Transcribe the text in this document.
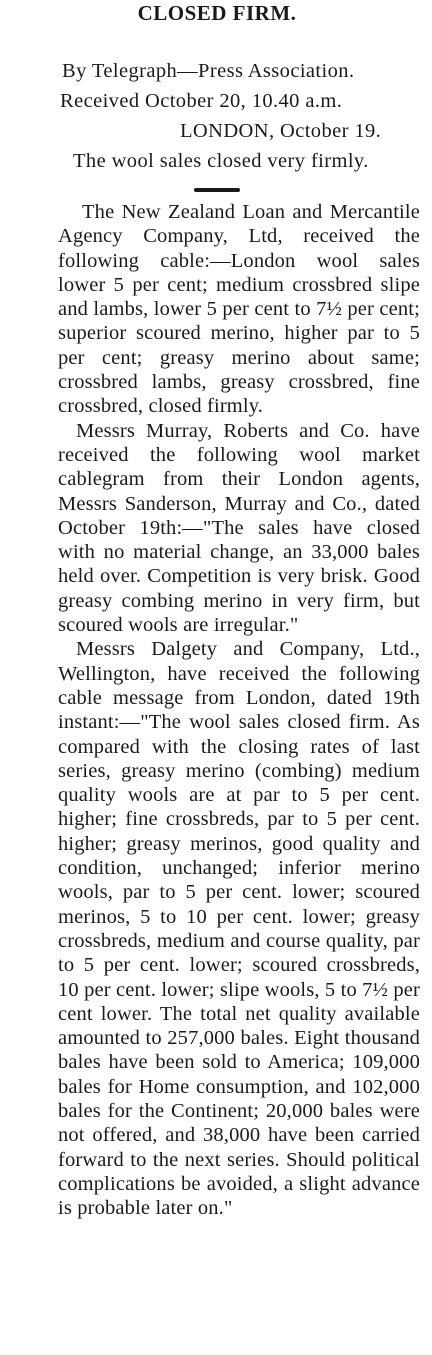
CLOSED FIRM.
By Telegraph—Press Association.
Received October 20, 10.40 a.m.
LONDON, October 19.
The wool sales closed very firmly.

The New Zealand Loan and Mercantile Agency Company, Ltd, received the following cable:—London wool sales lower 5 per cent; medium crossbred slipe and lambs, lower 5 per cent to 7½ per cent; superior scoured merino, higher par to 5 per cent; greasy merino about same; crossbred lambs, greasy crossbred, fine crossbred, closed firmly.

Messrs Murray, Roberts and Co. have received the following wool market cablegram from their London agents, Messrs Sanderson, Murray and Co., dated October 19th:—"The sales have closed with no material change, an 33,000 bales held over. Competition is very brisk. Good greasy combing merino in very firm, but scoured wools are irregular."

Messrs Dalgety and Company, Ltd., Wellington, have received the following cable message from London, dated 19th instant:—"The wool sales closed firm. As compared with the closing rates of last series, greasy merino (combing) medium quality wools are at par to 5 per cent. higher; fine crossbreds, par to 5 per cent. higher; greasy merinos, good quality and condition, unchanged; inferior merino wools, par to 5 per cent. lower; scoured merinos, 5 to 10 per cent. lower; greasy crossbreds, medium and course quality, par to 5 per cent. lower; scoured crossbreds, 10 per cent. lower; slipe wools, 5 to 7½ per cent lower. The total net quality available amounted to 257,000 bales. Eight thousand bales have been sold to America; 109,000 bales for Home consumption, and 102,000 bales for the Continent; 20,000 bales were not offered, and 38,000 have been carried forward to the next series. Should political complications be avoided, a slight advance is probable later on."
